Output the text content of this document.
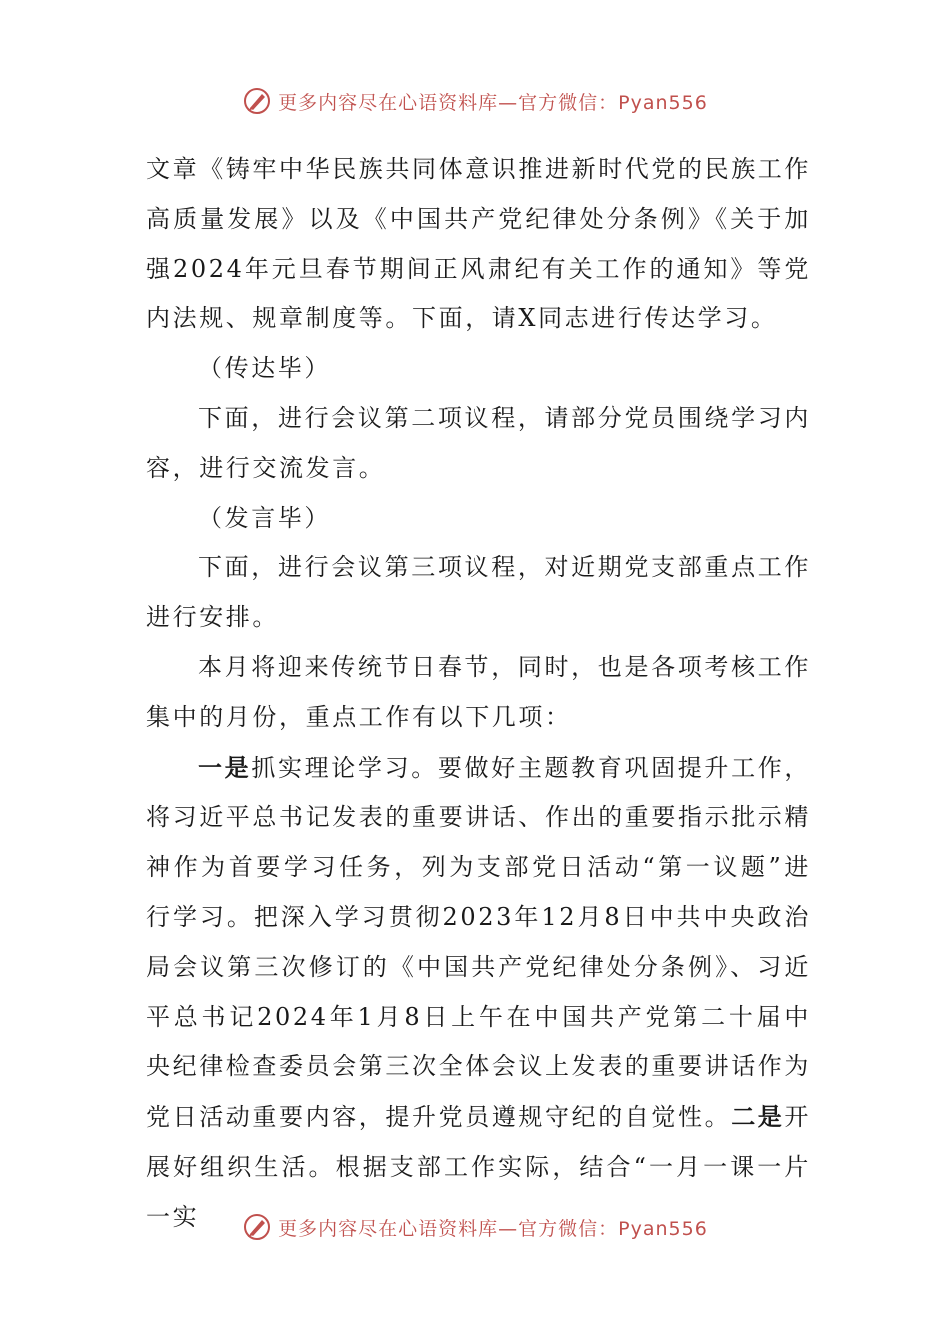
更多内容尽在心语资料库—官方微信：Pyan556

文章《铸牢中华民族共同体意识推进新时代党的民族工作高质量发展》以及《中国共产党纪律处分条例》《关于加强2024年元旦春节期间正风肃纪有关工作的通知》等党内法规、规章制度等。下面，请X同志进行传达学习。

（传达毕）

下面，进行会议第二项议程，请部分党员围绕学习内容，进行交流发言。

（发言毕）

下面，进行会议第三项议程，对近期党支部重点工作进行安排。

本月将迎来传统节日春节，同时，也是各项考核工作集中的月份，重点工作有以下几项：

一是抓实理论学习。要做好主题教育巩固提升工作，将习近平总书记发表的重要讲话、作出的重要指示批示精神作为首要学习任务，列为支部党日活动“第一议题”进行学习。把深入学习贯彻2023年12月8日中共中央政治局会议第三次修订的《中国共产党纪律处分条例》、习近平总书记2024年1月8日上午在中国共产党第二十届中央纪律检查委员会第三次全体会议上发表的重要讲话作为党日活动重要内容，提升党员遵规守纪的自觉性。二是开展好组织生活。根据支部工作实际，结合“一月一课一片一实	更多内容尽在心语资料库—官方微信：Pyan556
